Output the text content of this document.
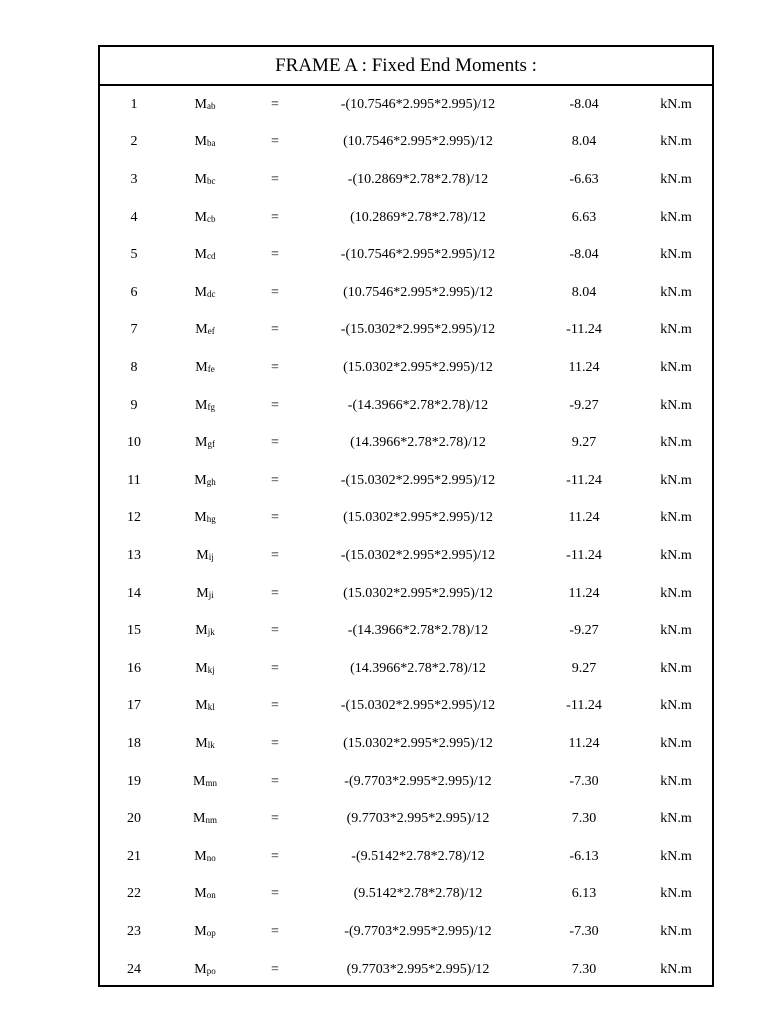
FRAME A : Fixed End Moments :
1	$M_{ab}$	=	-(10.7546*2.995*2.995)/12	-8.04	kN.m
2	$M_{ba}$	=	(10.7546*2.995*2.995)/12	8.04	kN.m
3	$M_{bc}$	=	-(10.2869*2.78*2.78)/12	-6.63	kN.m
4	$M_{cb}$	=	(10.2869*2.78*2.78)/12	6.63	kN.m
5	$M_{cd}$	=	-(10.7546*2.995*2.995)/12	-8.04	kN.m
6	$M_{dc}$	=	(10.7546*2.995*2.995)/12	8.04	kN.m
7	$M_{ef}$	=	-(15.0302*2.995*2.995)/12	-11.24	kN.m
8	$M_{fe}$	=	(15.0302*2.995*2.995)/12	11.24	kN.m
9	$M_{fg}$	=	-(14.3966*2.78*2.78)/12	-9.27	kN.m
10	$M_{gf}$	=	(14.3966*2.78*2.78)/12	9.27	kN.m
11	$M_{gh}$	=	-(15.0302*2.995*2.995)/12	-11.24	kN.m
12	$M_{hg}$	=	(15.0302*2.995*2.995)/12	11.24	kN.m
13	$M_{ij}$	=	-(15.0302*2.995*2.995)/12	-11.24	kN.m
14	$M_{ji}$	=	(15.0302*2.995*2.995)/12	11.24	kN.m
15	$M_{jk}$	=	-(14.3966*2.78*2.78)/12	-9.27	kN.m
16	$M_{kj}$	=	(14.3966*2.78*2.78)/12	9.27	kN.m
17	$M_{kl}$	=	-(15.0302*2.995*2.995)/12	-11.24	kN.m
18	$M_{lk}$	=	(15.0302*2.995*2.995)/12	11.24	kN.m
19	$M_{mn}$	=	-(9.7703*2.995*2.995)/12	-7.30	kN.m
20	$M_{nm}$	=	(9.7703*2.995*2.995)/12	7.30	kN.m
21	$M_{no}$	=	-(9.5142*2.78*2.78)/12	-6.13	kN.m
22	$M_{on}$	=	(9.5142*2.78*2.78)/12	6.13	kN.m
23	$M_{op}$	=	-(9.7703*2.995*2.995)/12	-7.30	kN.m
24	$M_{po}$	=	(9.7703*2.995*2.995)/12	7.30	kN.m
